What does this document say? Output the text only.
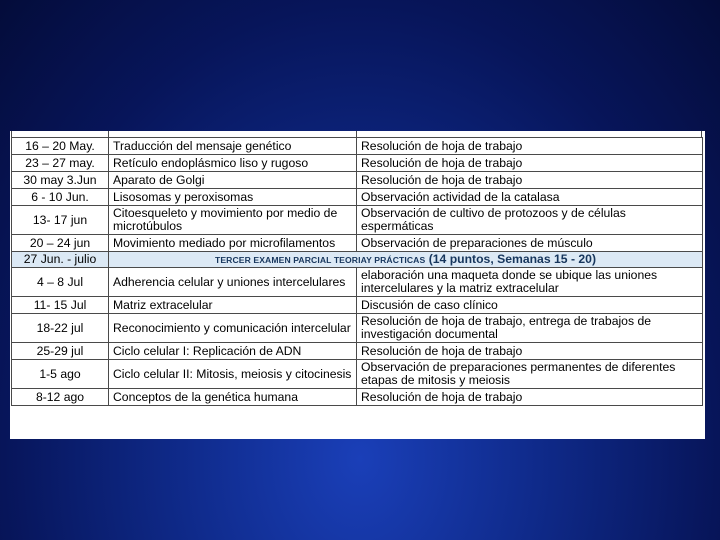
16 – 20 May.	Traducción del mensaje genético	Resolución de hoja de trabajo
23 – 27 may.	Retículo endoplásmico liso y rugoso	Resolución de hoja de trabajo
30 may 3.Jun	Aparato de Golgi	Resolución de hoja de trabajo
6 - 10 Jun.	Lisosomas y peroxisomas	Observación actividad de la catalasa
13- 17 jun	Citoesqueleto y movimiento por medio de microtúbulos	Observación de cultivo de protozoos y de células espermáticas
20 – 24 jun	Movimiento mediado por microfilamentos	Observación de preparaciones de músculo
27 Jun. - julio	TERCER EXAMEN PARCIAL TEORIAY PRÁCTICAS (14 puntos, Semanas 15 - 20)	
4 – 8 Jul	Adherencia celular y uniones intercelulares	elaboración una maqueta donde se ubique las uniones intercelulares y la matriz extracelular
11- 15 Jul	Matriz extracelular	Discusión de caso clínico
18-22 jul	Reconocimiento y comunicación intercelular	Resolución de hoja de trabajo, entrega de trabajos de investigación documental
25-29 jul	Ciclo celular I: Replicación de ADN	Resolución de hoja de trabajo
1-5 ago	Ciclo celular II: Mitosis, meiosis y citocinesis	Observación de preparaciones permanentes de diferentes etapas de mitosis y meiosis
8-12 ago	Conceptos de la genética humana	Resolución de hoja de trabajo
